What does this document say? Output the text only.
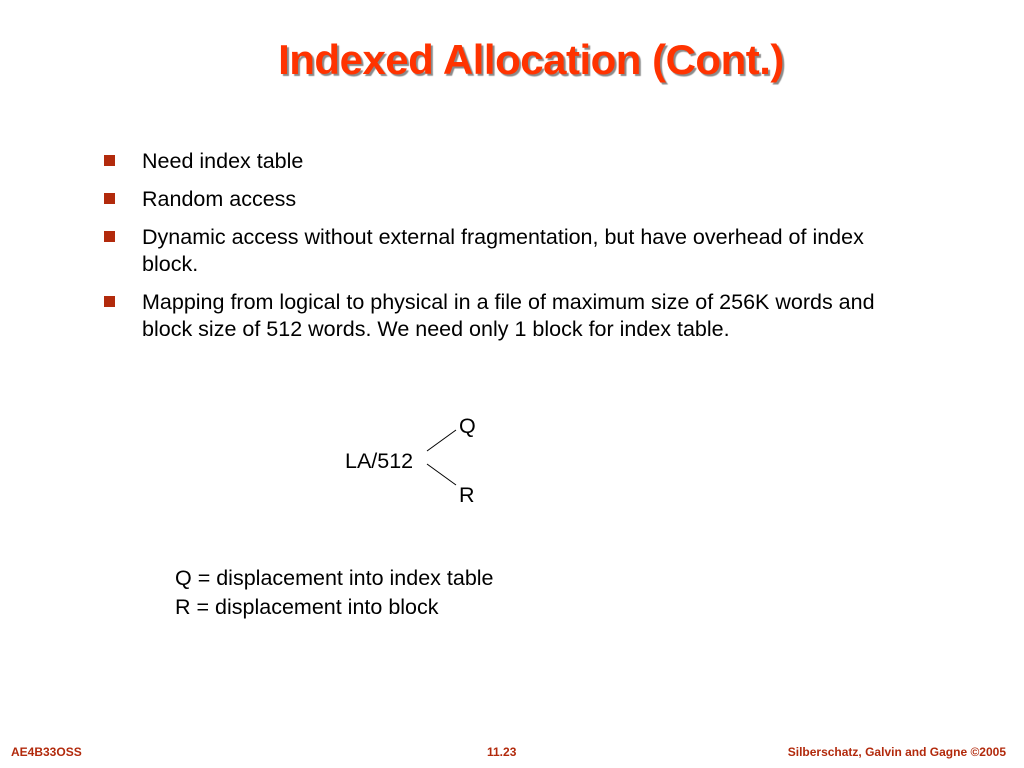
Indexed Allocation (Cont.)
Need index table
Random access
Dynamic access without external fragmentation, but have overhead of index block.
Mapping from logical to physical in a file of maximum size of 256K words and block size of 512 words. We need only 1 block for index table.
LA/512
Q
R
Q = displacement into index table
R = displacement into block
AE4B33OSS	11.23	Silberschatz, Galvin and Gagne ©2005
